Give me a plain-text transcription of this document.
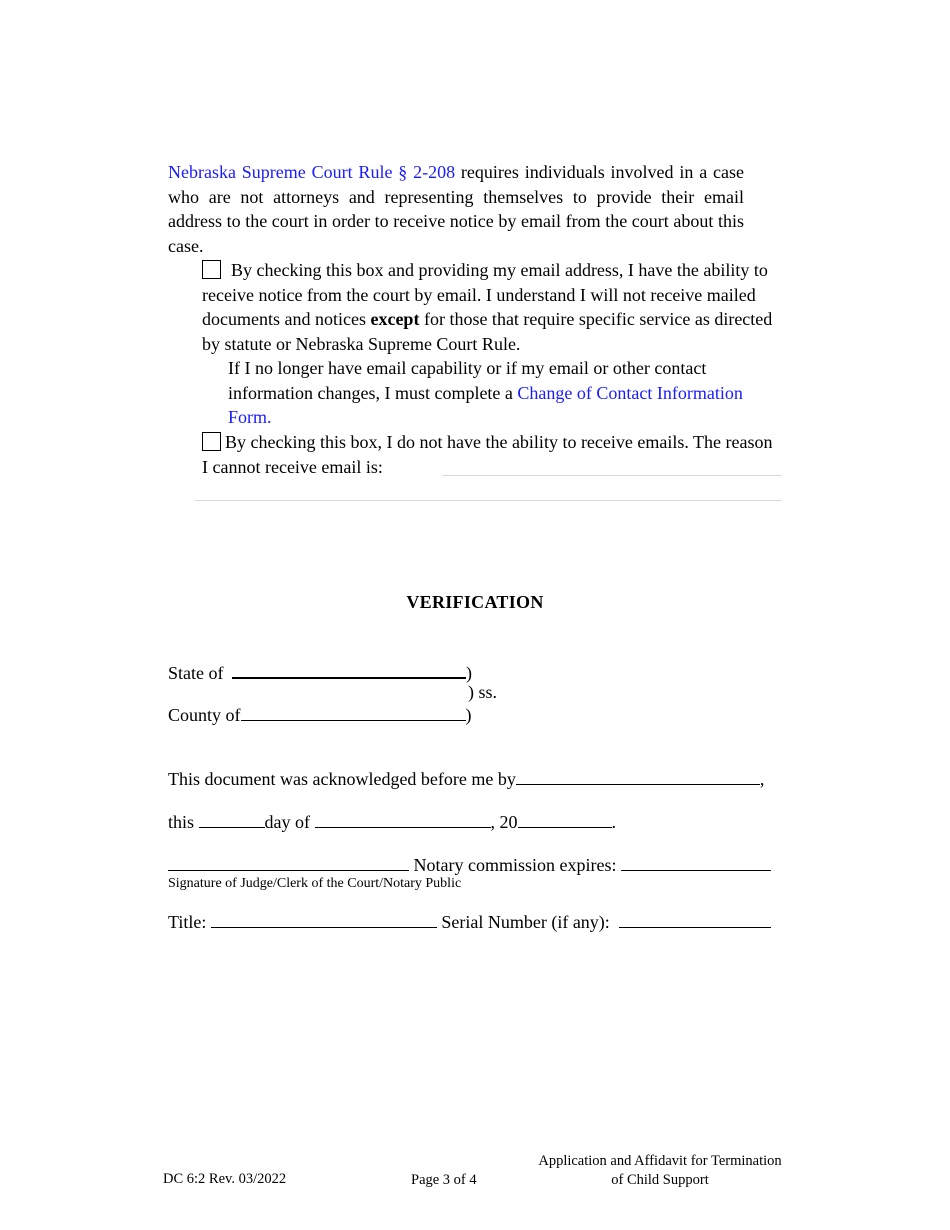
Nebraska Supreme Court Rule § 2-208 requires individuals involved in a case who are not attorneys and representing themselves to provide their email address to the court in order to receive notice by email from the court about this case.
By checking this box and providing my email address, I have the ability to receive notice from the court by email. I understand I will not receive mailed documents and notices except for those that require specific service as directed by statute or Nebraska Supreme Court Rule.
If I no longer have email capability or if my email or other contact information changes, I must complete a Change of Contact Information Form.
By checking this box, I do not have the ability to receive emails. The reason I cannot receive email is:
VERIFICATION
State of	)
) ss.
County of	)
This document was acknowledged before me by	,
this	day of	, 20	.
Notary commission expires:
Signature of Judge/Clerk of the Court/Notary Public
Title:	Serial Number (if any):
DC 6:2 Rev. 03/2022	Page 3 of 4
Application and Affidavit for Termination
of Child Support
